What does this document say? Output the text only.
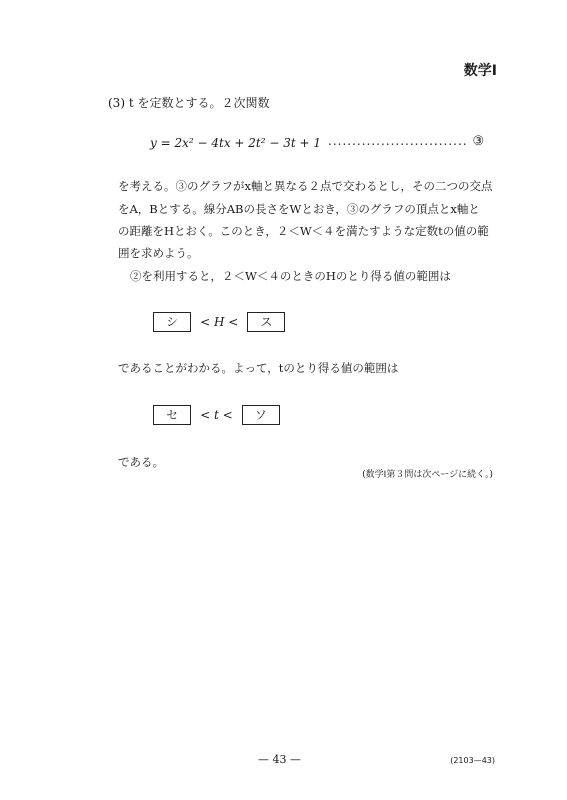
数学Ⅰ
(3) t を定数とする。２次関数
y = 2x² − 4tx + 2t² − 3t + 1 ............................. ③
を考える。③のグラフがx軸と異なる２点で交わるとし，その二つの交点
をA，Bとする。線分ABの長さをWとおき，③のグラフの頂点とx軸と
の距離をHとおく。このとき，２＜W＜４を満たすような定数tの値の範
囲を求めよう。
②を利用すると，２＜W＜４のときのHのとり得る値の範囲は
シ < H < ス
であることがわかる。よって，tのとり得る値の範囲は
セ < t < ソ
である。
(数学Ⅰ第３問は次ページに続く。)
— 43 —	(2103—43)
